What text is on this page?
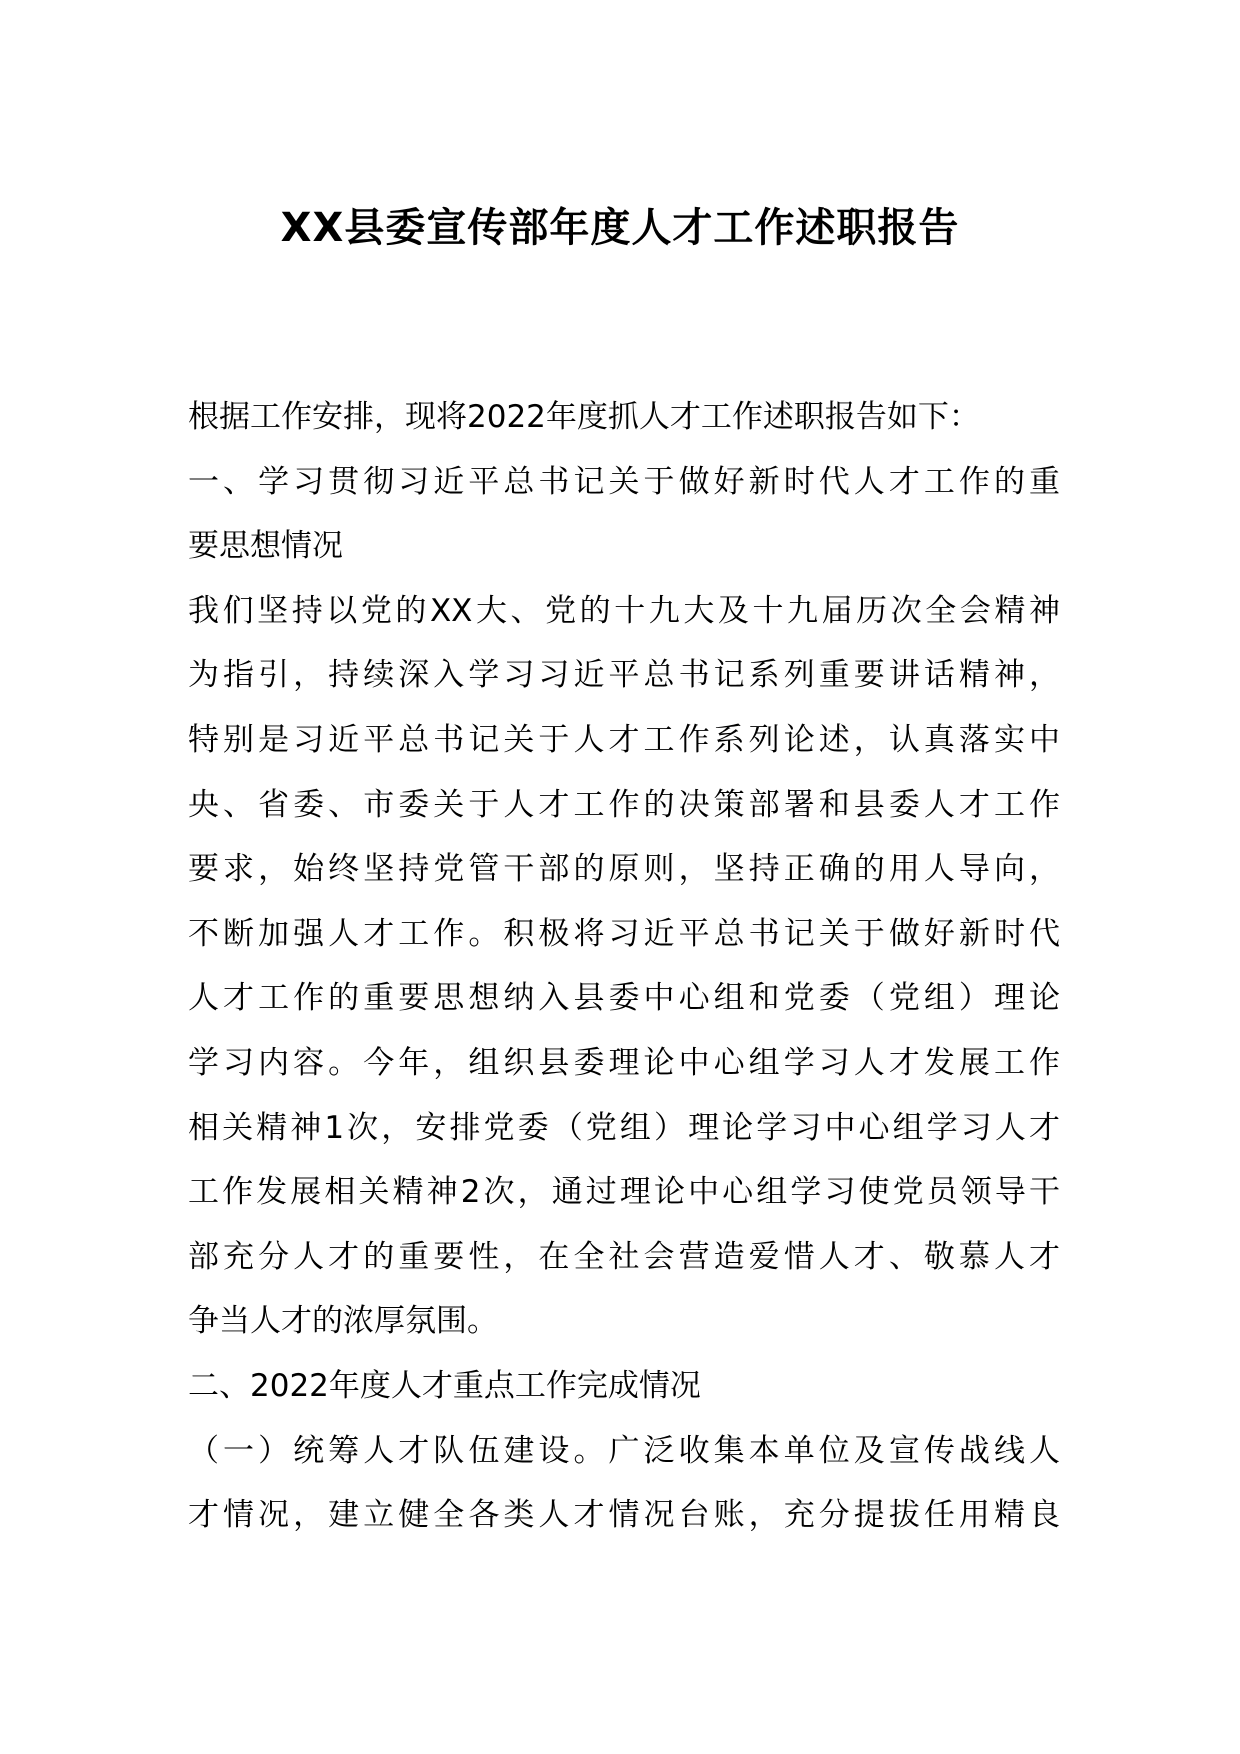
XX县委宣传部年度人才工作述职报告
根据工作安排，现将2022年度抓人才工作述职报告如下：
一、学习贯彻习近平总书记关于做好新时代人才工作的重
要思想情况
我们坚持以党的XX大、党的十九大及十九届历次全会精神
为指引，持续深入学习习近平总书记系列重要讲话精神，
特别是习近平总书记关于人才工作系列论述，认真落实中
央、省委、市委关于人才工作的决策部署和县委人才工作
要求，始终坚持党管干部的原则，坚持正确的用人导向，
不断加强人才工作。积极将习近平总书记关于做好新时代
人才工作的重要思想纳入县委中心组和党委（党组）理论
学习内容。今年，组织县委理论中心组学习人才发展工作
相关精神1次，安排党委（党组）理论学习中心组学习人才
工作发展相关精神2次，通过理论中心组学习使党员领导干
部充分人才的重要性，在全社会营造爱惜人才、敬慕人才
争当人才的浓厚氛围。
二、2022年度人才重点工作完成情况
（一）统筹人才队伍建设。广泛收集本单位及宣传战线人
才情况，建立健全各类人才情况台账，充分提拔任用精良
